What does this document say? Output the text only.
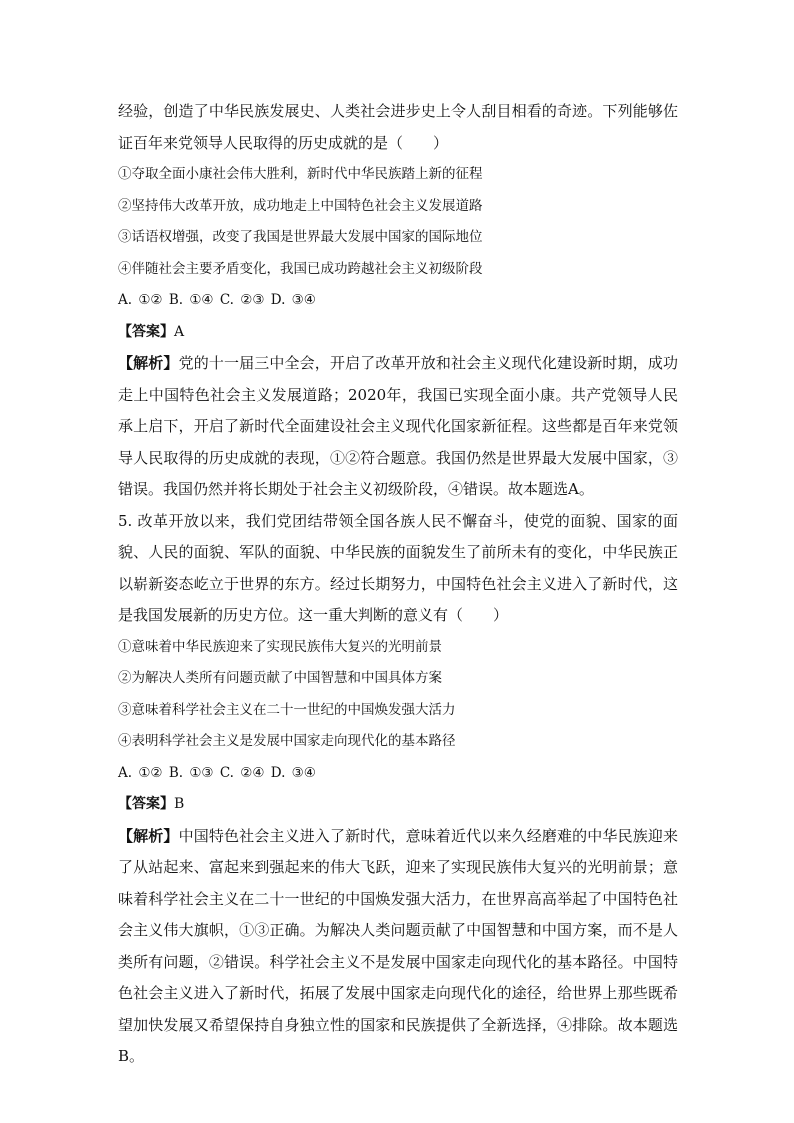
经验，创造了中华民族发展史、人类社会进步史上令人刮目相看的奇迹。下列能够佐证百年来党领导人民取得的历史成就的是（　　）

①夺取全面小康社会伟大胜利，新时代中华民族踏上新的征程

②坚持伟大改革开放，成功地走上中国特色社会主义发展道路

③话语权增强，改变了我国是世界最大发展中国家的国际地位

④伴随社会主要矛盾变化，我国已成功跨越社会主义初级阶段

A. ①② B. ①④ C. ②③ D. ③④

【答案】A

【解析】党的十一届三中全会，开启了改革开放和社会主义现代化建设新时期，成功走上中国特色社会主义发展道路；2020年，我国已实现全面小康。共产党领导人民承上启下，开启了新时代全面建设社会主义现代化国家新征程。这些都是百年来党领导人民取得的历史成就的表现，①②符合题意。我国仍然是世界最大发展中国家，③错误。我国仍然并将长期处于社会主义初级阶段，④错误。故本题选A。

5. 改革开放以来，我们党团结带领全国各族人民不懈奋斗，使党的面貌、国家的面貌、人民的面貌、军队的面貌、中华民族的面貌发生了前所未有的变化，中华民族正以崭新姿态屹立于世界的东方。经过长期努力，中国特色社会主义进入了新时代，这是我国发展新的历史方位。这一重大判断的意义有（　　）

①意味着中华民族迎来了实现民族伟大复兴的光明前景

②为解决人类所有问题贡献了中国智慧和中国具体方案

③意味着科学社会主义在二十一世纪的中国焕发强大活力

④表明科学社会主义是发展中国家走向现代化的基本路径

A. ①② B. ①③ C. ②④ D. ③④

【答案】B

【解析】中国特色社会主义进入了新时代，意味着近代以来久经磨难的中华民族迎来了从站起来、富起来到强起来的伟大飞跃，迎来了实现民族伟大复兴的光明前景；意味着科学社会主义在二十一世纪的中国焕发强大活力，在世界高高举起了中国特色社会主义伟大旗帜，①③正确。为解决人类问题贡献了中国智慧和中国方案，而不是人类所有问题，②错误。科学社会主义不是发展中国家走向现代化的基本路径。中国特色社会主义进入了新时代，拓展了发展中国家走向现代化的途径，给世界上那些既希望加快发展又希望保持自身独立性的国家和民族提供了全新选择，④排除。故本题选B。
